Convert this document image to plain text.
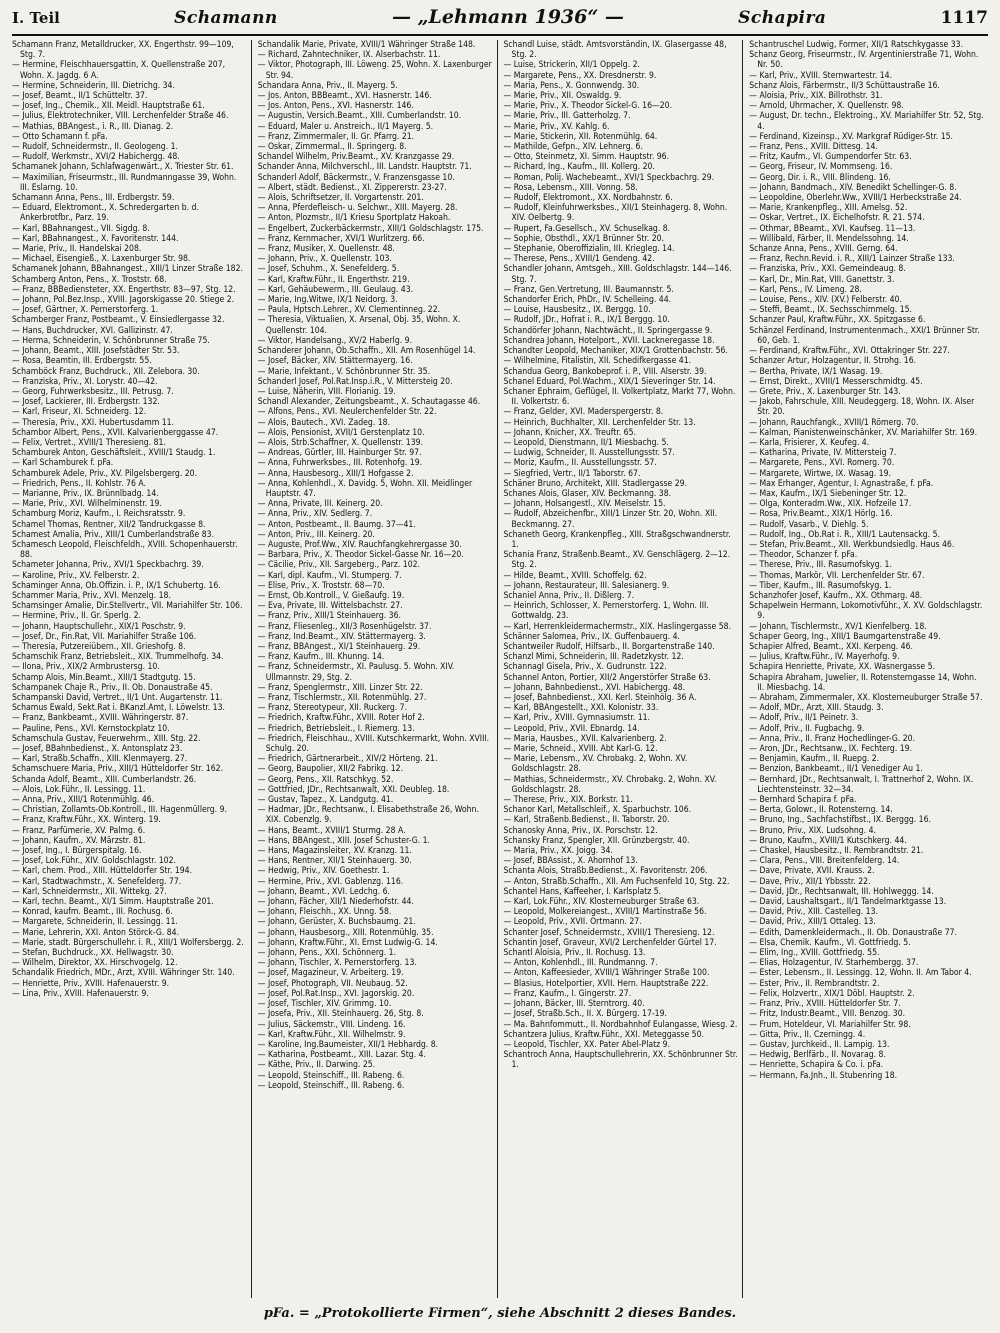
I. Teil	Schamann	— „Lehmann 1936“ —	Schapira	1117

Schamann Franz, Metalldrucker, XX. Engerthstr. 99—109, Stg. 7.

— Hermine, Fleischhauersgattin, X. Quellenstraße 207, Wohn. X. Jagdg. 6 A.

— Hermine, Schneiderin, III. Dietrichg. 34.

— Josef, Beamt., II/1 Schütteltr. 37.

— Josef, Ing., Chemik., XII. Meidl. Hauptstraße 61.

— Julius, Elektrotechniker, VIII. Lerchenfelder Straße 46.

— Mathias, BBAngest., i. R., III. Dianag. 2.

— Otto Schamann f. pFa.

— Rudolf, Schneidermstr., II. Geologeng. 1.

— Rudolf, Werkmstr., XVI/2 Habichergg. 48.

Schamanek Johann, Schlafwagenwärt., X. Triester Str. 61.

— Maximilian, Friseurmstr., III. Rundmanngasse 39, Wohn. III. Eslarng. 10.

Schamann Anna, Pens., III. Erdbergstr. 59.

— Eduard, Elektromont., X. Schredergarten b. d. Ankerbrotfbr., Parz. 19.

— Karl, BBahnangest., VII. Sigdg. 8.

— Karl, BBahnangest., X. Favoritenstr. 144.

— Marie, Priv., II. Handelskai 208.

— Michael, Eisengieß., X. Laxenburger Str. 98.

Schamanek Johann, BBahnangest., XIII/1 Linzer Straße 182.

Schamberg Anton, Pens., X. Troststr. 68.

— Franz, BBBediensteter, XX. Engerthstr. 83—97, Stg. 12.

— Johann, Pol.Bez.Insp., XVIII. Jagorskigasse 20. Stiege 2.

— Josef, Gärtner, X. Pernerstorferg. 1.

Schamberger Franz, Postbeamt., V. Einsiedlergasse 32.

— Hans, Buchdrucker, XVI. Gallizinstr. 47.

— Herma, Schneiderin, V. Schönbrunner Straße 75.

— Johann, Beamt., XIII. Josefstädter Str. 53.

— Rosa, Beamtin, III. Erdbergstr. 55.

Schamböck Franz, Buchdruck., XII. Zelebora. 30.

— Franziska, Priv., XI. Lorystr. 40—42.

— Georg, Fuhrwerksbesitz., III. Petrusg. 7.

— Josef, Lackierer, III. Erdbergstr. 132.

— Karl, Friseur, XI. Schneiderg. 12.

— Theresia, Priv., XXI. Hubertusdamm 11.

Schambor Albert, Pens., XVII. Kalvarienberggasse 47.

— Felix, Vertret., XVIII/1 Theresieng. 81.

Schamburek Anton, Geschäftsleit., XVIII/1 Staudg. 1.

— Karl Schamburek f. pFa.

Schamburek Adele, Priv., XV. Pilgelsbergerg. 20.

— Friedrich, Pens., II. Kohlstr. 76 A.

— Marianne, Priv., IX. Brünnlbadg. 14.

— Marie, Priv., XVI. Wilhelminenstr. 19.

Schamburg Moriz, Kaufm., I. Reichsratsstr. 9.

Schamel Thomas, Rentner, XII/2 Tandruckgasse 8.

Schamest Amalia, Priv., XIII/1 Cumberlandstraße 83.

Schamesch Leopold, Fleischfeldh., XVIII. Schopenhauerstr. 88.

Schameter Johanna, Priv., XVI/1 Speckbachrg. 39.

— Karoline, Priv., XV. Felberstr. 2.

Schaminger Anna, Ob.Offizin. i. P., IX/1 Schubertg. 16.

Schammer Maria, Priv., XVI. Menzelg. 18.

Schamsinger Amalie, Dir.Stellvertr., VII. Mariahilfer Str. 106.

— Hermine, Priv., II. Gr. Sperlg. 2.

— Johann, Hauptschullehr., XIX/1 Poschstr. 9.

— Josef, Dr., Fin.Rat, VII. Mariahilfer Straße 106.

— Theresia, Putzereiübern., XII. Grieshofg. 8.

Schamschik Franz, Betriebsleit., XIX. Trummelhofg. 34.

— Ilona, Priv., XIX/2 Armbrustersg. 10.

Schamp Alois, Min.Beamt., XIII/1 Stadtgutg. 15.

Schampanek Chaje R., Priv., II. Ob. Donaustraße 45.

Schampanski David, Vertret., II/1 Unt. Augartenstr. 11.

Schamus Ewald, Sekt.Rat i. BKanzl.Amt, I. Löwelstr. 13.

— Franz, Bankbeamt., XVIII. Währingerstr. 87.

— Pauline, Pens., XVI. Kernstockplatz 10.

Schamschula Gustav, Feuerwehrm., XIII. Stg. 22.

— Josef, BBahnbedienst., X. Antonsplatz 23.

— Karl, Straßb.Schaffn., XIII. Klenmayerg. 27.

Schamschuere Maria, Priv., XIII/1 Hütteldorfer Str. 162.

Schanda Adolf, Beamt., XIII. Cumberlandstr. 26.

— Alois, Lok.Führ., II. Lessingg. 11.

— Anna, Priv., XIII/1 Rotenmühlg. 46.

— Christian, Zollamts-Ob.Kontroll., III. Hagenmüllerg. 9.

— Franz, Kraftw.Führ., XX. Winterg. 19.

— Franz, Parfümerie, XV. Palmg. 6.

— Johann, Kaufm., XV. Märzstr. 81.

— Josef, Ing., I. Bürgerspitalg. 16.

— Josef, Lok.Führ., XIV. Goldschlagstr. 102.

— Karl, chem. Prod., XIII. Hütteldorfer Str. 194.

— Karl, Stadtwachmstr., X. Senefelderg. 77.

— Karl, Schneidermstr., XII. Wittekg. 27.

— Karl, techn. Beamt., XI/1 Simm. Hauptstraße 201.

— Konrad, kaufm. Beamt., III. Rochusg. 6.

— Margarete, Schneiderin, II. Lessingg. 11.

— Marie, Lehrerin, XXI. Anton Störck-G. 84.

— Marie, stadt. Bürgerschullehr. i. R., XIII/1 Wolfersbergg. 2.

— Stefan, Buchdruck., XX. Hellwagstr. 30.

— Wilhelm, Direktor, XX. Hirschvogelg. 12.

Schandalik Friedrich, MDr., Arzt, XVIII. Währinger Str. 140.

— Henriette, Priv., XVIII. Hafenauerstr. 9.

— Lina, Priv., XVIII. Hafenauerstr. 9.

Schandalik Marie, Private, XVIII/1 Währinger Straße 148.

— Richard, Zahntechniker, IX. Alserbachstr. 11.

— Viktor, Photograph, III. Löweng. 25, Wohn. X. Laxenburger Str. 94.

Schandara Anna, Priv., II. Mayerg. 5.

— Jos. Anton, BBBeamt., XVI. Hasnerstr. 146.

— Jos. Anton, Pens., XVI. Hasnerstr. 146.

— Augustin, Versich.Beamt., XIII. Cumberlandstr. 10.

— Eduard, Maler u. Anstreich., II/1 Mayerg. 5.

— Franz, Zimmermaler, II. Gr. Pfarrg. 21.

— Oskar, Zimmermal., II. Springerg. 8.

Schandel Wilhelm, Priv.Beamt., XV. Kranzgasse 29.

Schander Anna, Milchverschl., III. Landstr. Hauptstr. 71.

Schanderl Adolf, Bäckermstr., V. Franzensgasse 10.

— Albert, städt. Bedienst., XI. Zippererstr. 23-27.

— Alois, Schriftsetzer, II. Vorgartenstr. 201.

— Anna, Pferdefleisch- u. Selchwr., XIII. Mayerg. 28.

— Anton, Plozmstr., II/1 Kriesu Sportplatz Hakoah.

— Engelbert, Zuckerbäckermstr., XIII/1 Goldschlagstr. 175.

— Franz, Kernmacher, XVI/1 Wurlitzerg. 66.

— Franz, Musiker, X. Quellenstr. 48.

— Johann, Priv., X. Quellenstr. 103.

— Josef, Schuhm., X. Senefelderg. 5.

— Karl, Kraftw.Führ., II. Engerthstr. 219.

— Karl, Gehäubewerm., III. Geulaug. 43.

— Marie, Ing.Witwe, IX/1 Neidorg. 3.

— Paula, Hptsch.Lehrer., XV. Clementinneg. 22.

— Theresia, Viktualien, X. Arsenal, Obj. 35, Wohn. X. Quellenstr. 104.

— Viktor, Handelsang., XV/2 Haberlg. 9.

Schanderer Johann, Ob.Schaffn., XII. Am Rosenhügel 14.

— Josef, Bäcker, XIV. Stättermayerg. 16.

— Marie, Infektant., V. Schönbrunner Str. 35.

Schanderl Josef, Pol.Rat.Insp.i.R., V. Mittersteig 20.

— Luise, Näherin, VIII. Florianig. 19.

Schandl Alexander, Zeitungsbeamt., X. Schautagasse 46.

— Alfons, Pens., XVI. Neulerchenfelder Str. 22.

— Alois, Bautech., XVI. Zadeg. 18.

— Alois, Pensionist, XVII/1 Gerstenplatz 10.

— Alois, Strb.Schaffner, X. Quellenstr. 139.

— Andreas, Gürtler, III. Hainburger Str. 97.

— Anna, Fuhrwerksbes., III. Rotenhofg. 19.

— Anna, Hausbesorg., XIII/1 Hofgasse 2.

— Anna, Kohlenhdl., X. Davidg. 5, Wohn. XII. Meidlinger Hauptstr. 47.

— Anna, Private, III. Keinerg. 20.

— Anna, Priv., XIV. Sedlerg. 7.

— Anton, Postbeamt., II. Baumg. 37—41.

— Anton, Priv., III. Keinerg. 20.

— Auguste, Prof.Ww., XIV. Rauchfangkehrergasse 30.

— Barbara, Priv., X. Theodor Sickel-Gasse Nr. 16—20.

— Cäcilie, Priv., XII. Sargeberg., Parz. 102.

— Karl, dipl. Kaufm., VI. Stumperg. 7.

— Elise, Priv., X. Troststr. 68—70.

— Ernst, Ob.Kontroll., V. Gießaufg. 19.

— Eva, Private, III. Wittelsbachstr. 27.

— Franz, Priv., XIII/1 Steinhauerg. 36.

— Franz, Fliesenleg., XII/3 Rosenhügelstr. 37.

— Franz, Ind.Beamt., XIV. Stättermayerg. 3.

— Franz, BBAngest., XI/1 Steinhauerg. 29.

— Franz, Kaufm., III. Khunng. 14.

— Franz, Schneidermstr., XI. Paulusg. 5. Wohn. XIV. Ullmannstr. 29, Stg. 2.

— Franz, Spenglermstr., XIII. Linzer Str. 22.

— Franz, Tischlermstr., XII. Rotenmühlg. 27.

— Franz, Stereotypeur, XII. Ruckerg. 7.

— Friedrich, Kraftw.Führ., XVIII. Roter Hof 2.

— Friedrich, Betriebsleit., I. Riemerg. 13.

— Friedrich, Fleischhau., XVIII. Kutschkermarkt, Wohn. XVIII. Schulg. 20.

— Friedrich, Gärtnerarbeit., XIV/2 Hörteng. 21.

— Georg, Baupolier, XII/2 Fabrikg. 12.

— Georg, Pens., XII. Ratschkyg. 52.

— Gottfried, JDr., Rechtsanwalt, XXI. Deubleg. 18.

— Gustav, Tapez., X. Landgutg. 41.

— Hadmar, JDr., Rechtsanw., I. Elisabethstraße 26, Wohn. XIX. Cobenzlg. 9.

— Hans, Beamt., XVIII/1 Sturmg. 28 A.

— Hans, BBAngest., XIII. Josef Schuster-G. 1.

— Hans, Magazinsleiter, XV. Kranzg. 11.

— Hans, Rentner, XII/1 Steinhauerg. 30.

— Hedwig, Priv., XIV. Goethestr. 1.

— Hermine, Priv., XVI. Gablenzg. 116.

— Johann, Beamt., XVI. Ledchg. 6.

— Johann, Fächer, XII/1 Niederhofstr. 44.

— Johann, Fleischh., XX. Unng. 58.

— Johann, Gerüster, X. Buchsbaumg. 21.

— Johann, Hausbesorg., XIII. Rotenmühlg. 35.

— Johann, Kraftw.Führ., XI. Ernst Ludwig-G. 14.

— Johann, Pens., XXI. Schönnerg. 1.

— Johann, Tischler, X. Pernerstorferg. 13.

— Josef, Magazineur, V. Arbeiterg. 19.

— Josef, Photograph, VII. Neubaug. 52.

— Josef, Pol.Rat.Insp., XVI. Jagorskig. 20.

— Josef, Tischler, XIV. Grimmg. 10.

— Josefa, Priv., XII. Steinhauerg. 26, Stg. 8.

— Julius, Säckemstr., VIII. Lindeng. 16.

— Karl, Kraftw.Führ., XII. Wilhelmstr. 9.

— Karoline, Ing.Baumeister, XII/1 Hebhardg. 8.

— Katharina, Postbeamt., XIII. Lazar. Stg. 4.

— Käthe, Priv., II. Darwing. 25.

— Leopold, Steinschiff., III. Rabeng. 6.

— Leopold, Steinschiff., III. Rabeng. 6.

Schandl Luise, städt. Amtsvorständin, IX. Glasergasse 48, Stg. 2.

— Luise, Strickerin, XII/1 Oppelg. 2.

— Margarete, Pens., XX. Dresdnerstr. 9.

— Maria, Pens., X. Gonnwendg. 30.

— Marie, Priv., XII. Oswaldg. 9.

— Marie, Priv., X. Theodor Sickel-G. 16—20.

— Marie, Priv., III. Gatterholzg. 7.

— Marie, Priv., XV. Kahlg. 6.

— Marie, Stickerin, XII. Rotenmühlg. 64.

— Mathilde, Gefpn., XIV. Lehnerg. 6.

— Otto, Steinmetz, XI. Simm. Hauptstr. 96.

— Richard, Ing., Kaufm., III. Kollerg. 20.

— Roman, Polij. Wachebeamt., XVI/1 Speckbachrg. 29.

— Rosa, Lebensm., XIII. Vonng. 58.

— Rudolf, Elektromont., XX. Nordbahnstr. 6.

— Rudolf, Kleinfuhrwerksbes., XII/1 Steinhagerg. 8, Wohn. XIV. Oelbertg. 9.

— Rupert, Fa.Gesellsch., XV. Schuselkag. 8.

— Sophie, Obsthdl., XX/1 Brünner Str. 20.

— Stephanie, Oberoffizialin, III. Kriegleg. 14.

— Therese, Pens., XVIII/1 Gendeng. 42.

Schandler Johann, Amtsgeh., XIII. Goldschlagstr. 144—146. Stg. 7.

— Franz, Gen.Vertretung, III. Baumannstr. 5.

Schandorfer Erich, PhDr., IV. Schelleing. 44.

— Louise, Hausbesitz., IX. Berggg. 10.

— Rudolf, JDr., Hofrat i. R., IX/1 Berggg. 10.

Schandörfer Johann, Nachtwächt., II. Springergasse 9.

Schandrea Johann, Hotelport., XVII. Lackneregasse 18.

Schandter Leopold, Mechaniker, XIX/1 Grottenbachstr. 56.

— Wilhelmine, Fitalistin, XII. Schedifkergasse 41.

Schandua Georg, Bankobeprof. i. P., VIII. Alserstr. 39.

Schanel Eduard, Pol.Wachm., XIX/1 Sieveringer Str. 14.

Schaner Ephraim, Geflügel, II. Volkertplatz, Markt 77, Wohn. II. Volkertstr. 6.

— Franz, Gelder, XVI. Maderspergerstr. 8.

— Heinrich, Buchhalter, XII. Lerchenfelder Str. 13.

— Johann, Knicher, XX. Treuftr. 65.

— Leopold, Dienstmann, II/1 Miesbachg. 5.

— Ludwig, Schneider, II. Ausstellungsstr. 57.

— Moriz, Kaufm., II. Ausstellungsstr. 57.

— Siegfried, Vertr., II/1 Taborstr. 67.

Schäner Bruno, Architekt, XIII. Stadlergasse 29.

Schanes Alois, Glaser, XIV. Beckmanng. 38.

— Johann, Holsangestl., XIV. Meiselstr. 15.

— Rudolf, Abzeichenfbr., XIII/1 Linzer Str. 20, Wohn. XII. Beckmanng. 27.

Schaneth Georg, Krankenpfleg., XIII. Straßgschwandnerstr. 1.

Schania Franz, Straßenb.Beamt., XV. Genschlägerg. 2—12. Stg. 2.

— Hilde, Beamt., XVIII. Schoffelg. 62.

— Johann, Restaurateur, III. Salesianerg. 9.

Schaniel Anna, Priv., II. Dißlerg. 7.

— Heinrich, Schlosser, X. Pernerstorferg. 1, Wohn. III. Gottwaldg. 23.

— Karl, Herrenkleidermachermstr., XIX. Haslingergasse 58.

Schänner Salomea, Priv., IX. Guffenbauerg. 4.

Schantweiler Rudolf, Hilfsarb., II. Borgartenstraße 140.

Schanzl Mimi, Schneiderin, III. Radetzkystr. 12.

Schannagl Gisela, Priv., X. Gudrunstr. 122.

Schannel Anton, Portier, XII/2 Angerstörfer Straße 63.

— Johann, Bahnbedienst., XVI. Habichergg. 48.

— Josef, Bahnbedienst., XXI. Kerl. Steinhölg. 36 A.

— Karl, BBAngestellt., XXI. Kolonistr. 33.

— Karl, Priv., XVIII. Gymnasiumstr. 11.

— Leopold, Priv., XVII. Ebnardg. 14.

— Maria, Hausbes., XVII. Kalvarienberg. 2.

— Marie, Schneid., XVIII. Abt Karl-G. 12.

— Marie, Lebensm., XV. Chrobakg. 2, Wohn. XV. Goldschlagstr. 28.

— Mathias, Schneidermstr., XV. Chrobakg. 2, Wohn. XV. Goldschlagstr. 28.

— Therese, Priv., XIX. Borkstr. 11.

Schanor Karl, Metallschleif., X. Sparbuchstr. 106.

— Karl, Straßenb.Bedienst., II. Taborstr. 20.

Schanosky Anna, Priv., IX. Porschstr. 12.

Schansky Franz, Spengler, XII. Grünzbergstr. 40.

— Maria, Priv., XX. Joigg. 34.

— Josef, BBAssist., X. Ahornhof 13.

Schanta Alois, Straßb.Bedienst., X. Favoritenstr. 206.

— Anton, Straßb.Schaffn., XII. Am Fuchsenfeld 10, Stg. 22.

Schantel Hans, Kaffeeher, I. Karlsplatz 5.

— Karl, Lok.Führ., XIV. Klosterneuburger Straße 63.

— Leopold, Molkereiangest., XVIII/1 Martinstraße 56.

— Leopold, Priv., XVII. Ortmann. 27.

Schanter Josef, Schneidermstr., XVIII/1 Theresieng. 12.

Schantin Josef, Graveur, XVI/2 Lerchenfelder Gürtel 17.

Schantl Aloisia, Priv., II. Rochusg. 13.

— Anton, Kohlenhdl., III. Rundmanng. 7.

— Anton, Kaffeesieder, XVIII/1 Währinger Straße 100.

— Blasius, Hotelportier, XVII. Hern. Hauptstraße 222.

— Franz, Kaufm., I. Gingerstr. 27.

— Johann, Bäcker, III. Sterntrorg. 40.

— Josef, Straßb.Sch., II. X. Bürgerg. 17-19.

— Ma. Bahnfommutt., II. Nordbahnhof Eulangasse, Wiesg. 2.

Schantzera Julius, Kraftw.Führ., XXI. Meteggasse 50.

— Leopold, Tischler, XX. Pater Abel-Platz 9.

Schantroch Anna, Hauptschullehrerin, XX. Schönbrunner Str. 1.

Schantruschel Ludwig, Former, XII/1 Ratschkygasse 33.

Schanz Georg, Friseurmstr., IV. Argentinierstraße 71, Wohn. Nr. 50.

— Karl, Priv., XVIII. Sternwartestr. 14.

Schanz Alois, Färbermstr., II/3 Schüttaustraße 16.

— Aloisia, Priv., XIX. Billrothstr. 31.

— Arnold, Uhrmacher, X. Quellenstr. 98.

— August, Dr. techn., Elektroing., XV. Mariahilfer Str. 52, Stg. 4.

— Ferdinand, Kizeinsp., XV. Markgraf Rüdiger-Str. 15.

— Franz, Pens., XVIII. Dittesg. 14.

— Fritz, Kaufm., VI. Gumpendorfer Str. 63.

— Georg, Friseur, IV. Mommseng. 16.

— Georg, Dir. i. R., VIII. Blindeng. 16.

— Johann, Bandmach., XIV. Benedikt Schellinger-G. 8.

— Leopoldine, Oberlehr.Ww., XVIII/1 Herbeckstraße 24.

— Marie, Krankenpfleg., XIII. Amelsg. 52.

— Oskar, Vertret., IX. Eichelhofstr. R. 21. 574.

— Othmar, BBeamt., XVI. Kaufseg. 11—13.

— Willibald, Färber, II. Mendelssohng. 14.

Schanze Anna, Pens., XVIII. Gerng. 64.

— Franz, Rechn.Revid. i. R., XIII/1 Lainzer Straße 133.

— Franziska, Priv., XXI. Gemeindeaug. 8.

— Karl, Dr., Min.Rat, VIII. Ganettstr. 3.

— Karl, Pens., IV. Limeng. 28.

— Louise, Pens., XIV. (XV.) Felberstr. 40.

— Steffi, Beamt., IX. Sechsschimmelg. 15.

Schanzer Paul, Kraftw.Führ., XX. Spitzgasse 6.

Schänzel Ferdinand, Instrumentenmach., XXI/1 Brünner Str. 60, Geb. 1.

— Ferdinand, Kraftw.Führ., XVI. Ottakringer Str. 227.

Schanzer Artur, Holzagentur, II. Strohg. 16.

— Bertha, Private, IX/1 Wasag. 19.

— Ernst, Direkt., XVIII/1 Messerschmidtg. 45.

— Grete, Priv., X. Laxenburger Str. 143.

— Jakob, Fahrschule, XIII. Neudeggerg. 18, Wohn. IX. Alser Str. 20.

— Johann, Rauchfangk., XVIII/1 Römerg. 70.

— Kalman, Pianistenweinschänker, XV. Mariahilfer Str. 169.

— Karla, Frisierer, X. Keufeg. 4.

— Katharina, Private, IV. Mittersteig 7.

— Margarete, Pens., XVI. Romerg. 70.

— Margarete, Wirtwe, IX. Wasag. 19.

— Max Erhanger, Agentur, I. Agnastraße, f. pFa.

— Max, Kaufm., IX/1 Siebeninger Str. 12.

— Olga, Konteradm.Ww., XIX. Hofzeile 17.

— Rosa, Priv.Beamt., XIX/1 Hörlg. 16.

— Rudolf, Vasarb., V. Diehlg. 5.

— Rudolf, Ing., Ob.Rat i. R., XIII/1 Lautensackg. 5.

— Stefan, Priv.Beamt., XII. Werkbundsiedlg. Haus 46.

— Theodor, Schanzer f. pFa.

— Therese, Priv., III. Rasumofskyg. 1.

— Thomas, Markör, VII. Lerchenfelder Str. 67.

— Tiber, Kaufm., III. Rasumofskyg. 1.

Schanzhofer Josef, Kaufm., XX. Othmarg. 48.

Schapelwein Hermann, Lokomotivführ., X. XV. Goldschlagstr. 9.

— Johann, Tischlermstr., XV/1 Kienfelberg. 18.

Schaper Georg, Ing., XIII/1 Baumgartenstraße 49.

Schapier Alfred, Beamt., XXI. Kerpeng. 46.

— Julius, Kraftw.Führ., IV. Mayerhofg. 9.

Schapira Henriette, Private, XX. Wasnergasse 5.

Schapira Abraham, Juwelier, II. Rotensterngasse 14, Wohn. II. Miesbachg. 14.

— Abraham, Zimmermaler, XX. Klosterneuburger Straße 57.

— Adolf, MDr., Arzt, XIII. Staudg. 3.

— Adolf, Priv., II/1 Peinetr. 3.

— Adolf, Priv., II. Fugbachg. 9.

— Anna, Priv., II. Franz Hochedlinger-G. 20.

— Aron, JDr., Rechtsanw., IX. Fechterg. 19.

— Benjamin, Kaufm., II. Ruepg. 2.

— Benzion, Bankbeamt., II/1 Venediger Au 1.

— Bernhard, JDr., Rechtsanwalt, I. Trattnerhof 2, Wohn. IX. Liechtensteinstr. 32—34.

— Bernhard Schapira f. pFa.

— Berta, Golowr., II. Rotensterng. 14.

— Bruno, Ing., Sachfachstifbst., IX. Berggg. 16.

— Bruno, Priv., XIX. Ludsohng. 4.

— Bruno, Kaufm., XVIII/1 Kutschkerg. 44.

— Chaskel, Hausbesitz., II. Rembrandtstr. 21.

— Clara, Pens., VIII. Breitenfelderg. 14.

— Dave, Private, XVII. Krauss. 2.

— Dave, Priv., XII/1 Ybbsstr. 22.

— David, JDr., Rechtsanwalt, III. Hohlweggg. 14.

— David, Laushaltsgart., II/1 Tandelmarktgasse 13.

— David, Priv., XIII. Castelleg. 13.

— David, Priv., XIII/1 Ottaleg. 13.

— Edith, Damenkleidermach., II. Ob. Donaustraße 77.

— Elsa, Chemik. Kaufm., VI. Gottfriedg. 5.

— Elim, Ing., XVIII. Gottfriedg. 55.

— Elias, Holzagentur, IV. Starhembergg. 37.

— Ester, Lebensm., II. Lessingg. 12, Wohn. II. Am Tabor 4.

— Ester, Priv., II. Rembrandtstr. 2.

— Felix, Holzvertr., XIX/1 Döbl. Hauptstr. 2.

— Franz, Priv., XVIII. Hütteldorfer Str. 7.

— Fritz, Industr.Beamt., VIII. Benzog. 30.

— Frum, Hoteldeur, VI. Mariahilfer Str. 98.

— Gitta, Priv., II. Czerningg. 4.

— Gustav, Jurchkeid., II. Lampig. 13.

— Hedwig, Berlfärb., II. Novarag. 8.

— Henriette, Schapira & Co. i. pFa.

— Hermann, Fa.Jnh., II. Stubenring 18.

pFa. = „Protokollierte Firmen“, siehe Abschnitt 2 dieses Bandes.
